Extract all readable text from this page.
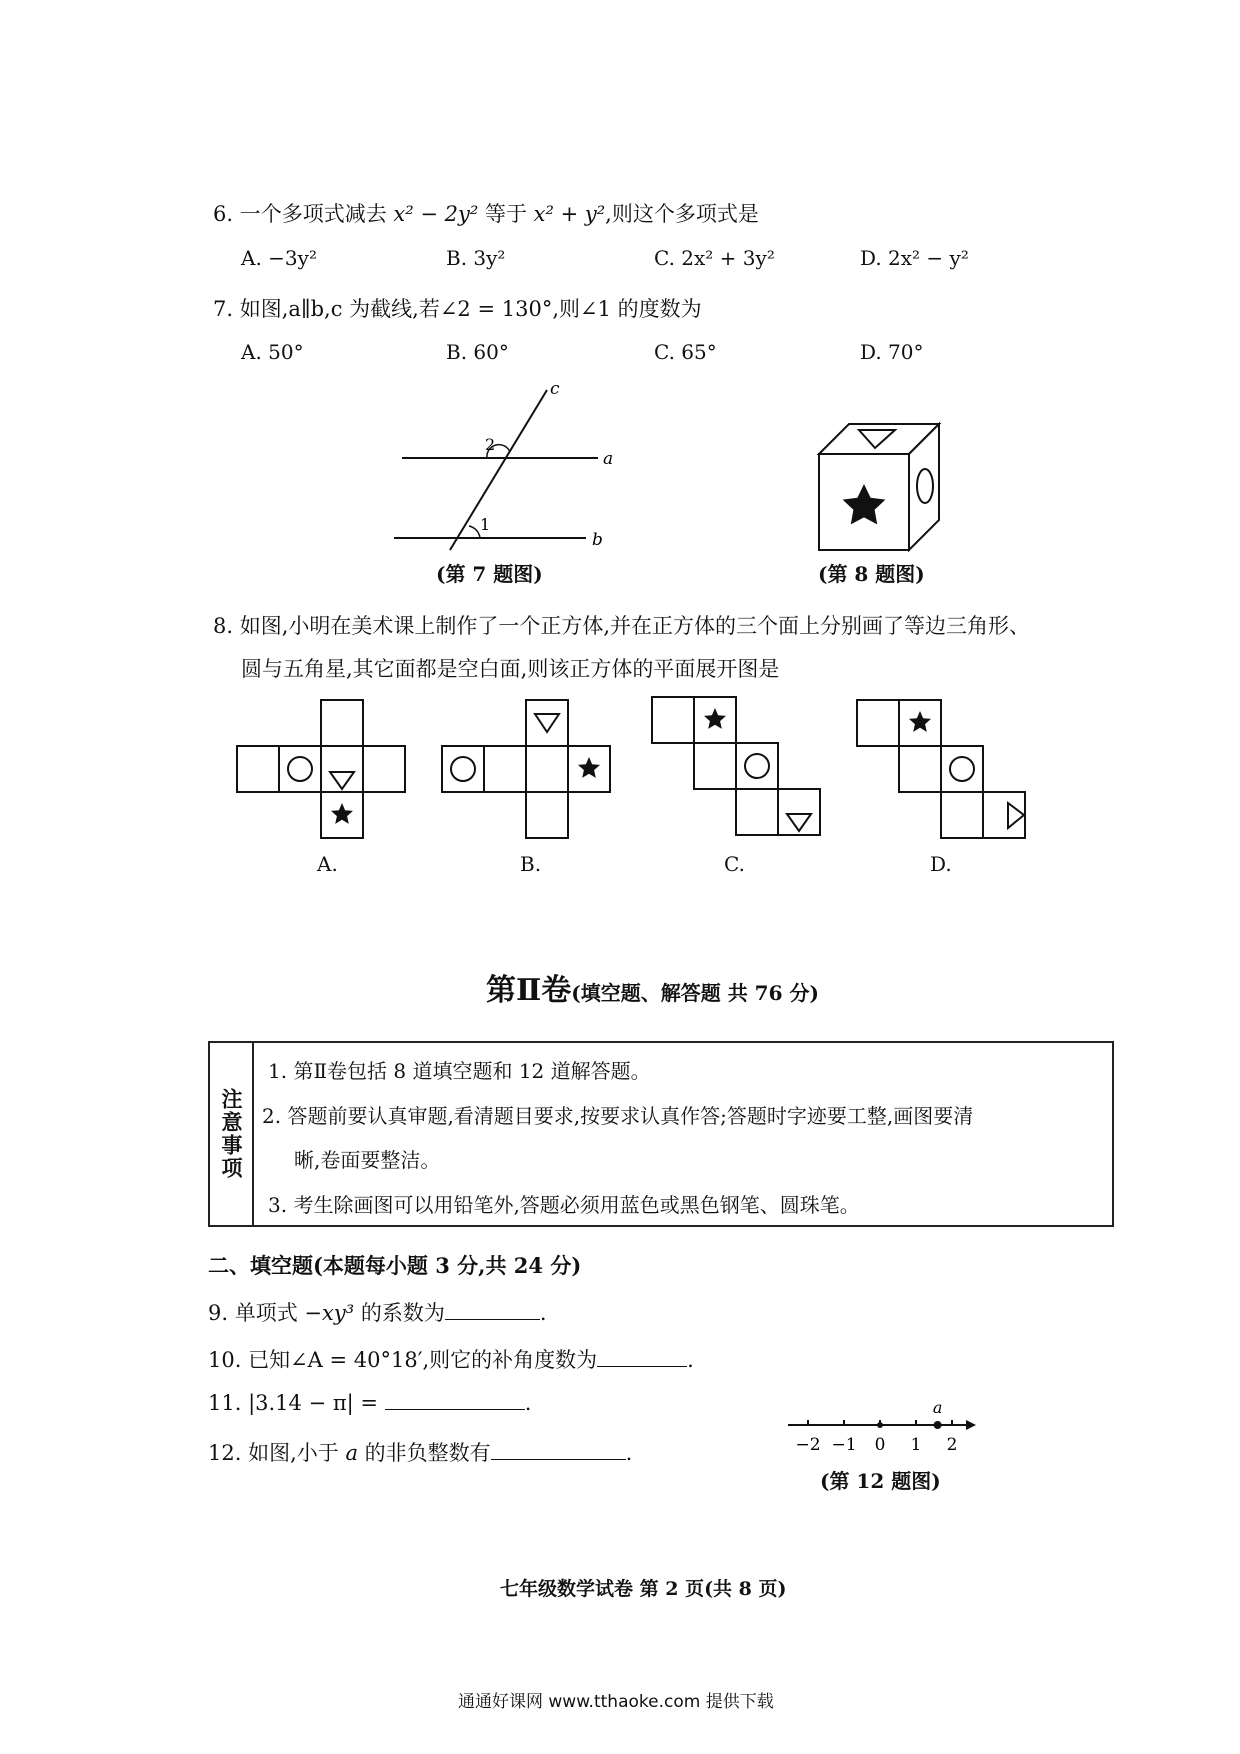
6. 一个多项式减去 x² − 2y² 等于 x² + y²,则这个多项式是
A. −3y²	B. 3y²	C. 2x² + 3y²	D. 2x² − y²
7. 如图,a∥b,c 为截线,若∠2 = 130°,则∠1 的度数为
A. 50°	B. 60°	C. 65°	D. 70°
c
a
b
2
1
(第 7 题图)	(第 8 题图)
8. 如图,小明在美术课上制作了一个正方体,并在正方体的三个面上分别画了等边三角形、
圆与五角星,其它面都是空白面,则该正方体的平面展开图是
A.	B.	C.	D.
第Ⅱ卷(填空题、解答题 共 76 分)
注意事项
1. 第Ⅱ卷包括 8 道填空题和 12 道解答题。
2. 答题前要认真审题,看清题目要求,按要求认真作答;答题时字迹要工整,画图要清
晰,卷面要整洁。
3. 考生除画图可以用铅笔外,答题必须用蓝色或黑色钢笔、圆珠笔。
二、填空题(本题每小题 3 分,共 24 分)
9. 单项式 −xy³ 的系数为	.
10. 已知∠A = 40°18′,则它的补角度数为	.
11. |3.14 − π| =	.
12. 如图,小于 a 的非负整数有	.	−2 −1 0 1 2
a
(第 12 题图)
七年级数学试卷 第 2 页(共 8 页)
通通好课网 www.tthaoke.com 提供下载
